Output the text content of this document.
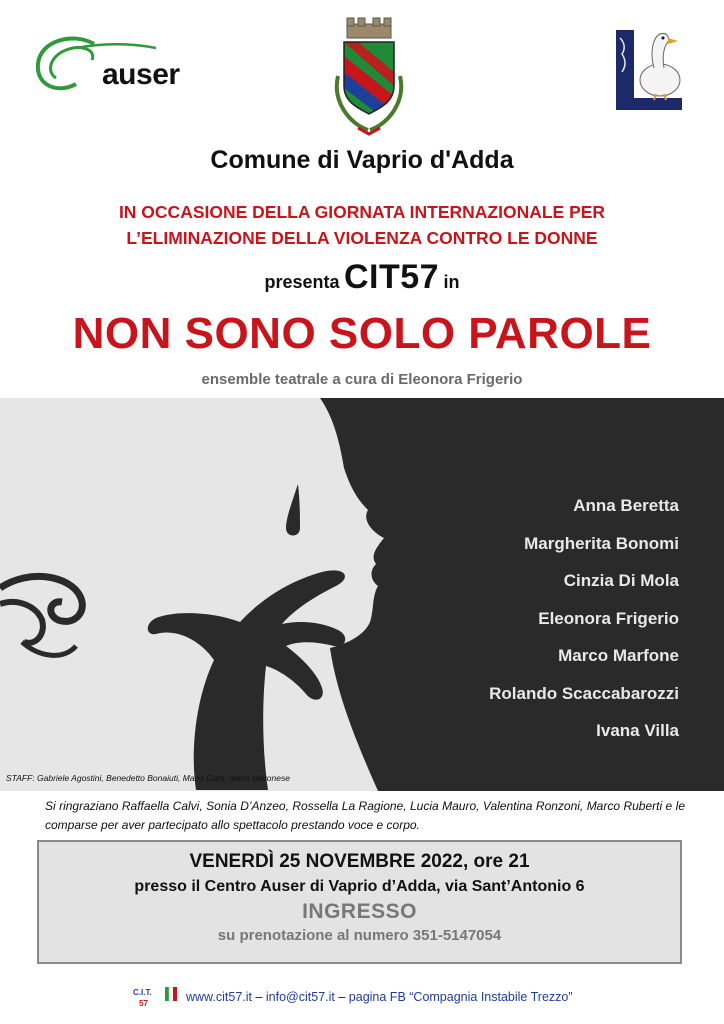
auser
Comune di Vaprio d'Adda
IN OCCASIONE DELLA GIORNATA INTERNAZIONALE PER
L’ELIMINAZIONE DELLA VIOLENZA CONTRO LE DONNE
presenta CIT57 in
NON SONO SOLO PAROLE
ensemble teatrale a cura di Eleonora Frigerio
Anna Beretta
Margherita Bonomi
Cinzia Di Mola
Eleonora Frigerio
Marco Marfone
Rolando Scaccabarozzi
Ivana Villa
STAFF: Gabriele Agostini, Benedetto Bonaiuti, Mario Corti, Ivano Maronese
Si ringraziano Raffaella Calvi, Sonia D’Anzeo, Rossella La Ragione, Lucia Mauro, Valentina Ronzoni, Marco Ruberti e le comparse per aver partecipato allo spettacolo prestando voce e corpo.
VENERDÌ 25 NOVEMBRE 2022, ore 21
presso il Centro Auser di Vaprio d’Adda, via Sant’Antonio 6
INGRESSO
su prenotazione al numero 351-5147054
C.I.T.
57	www.cit57.it – info@cit57.it – pagina FB “Compagnia Instabile Trezzo”
